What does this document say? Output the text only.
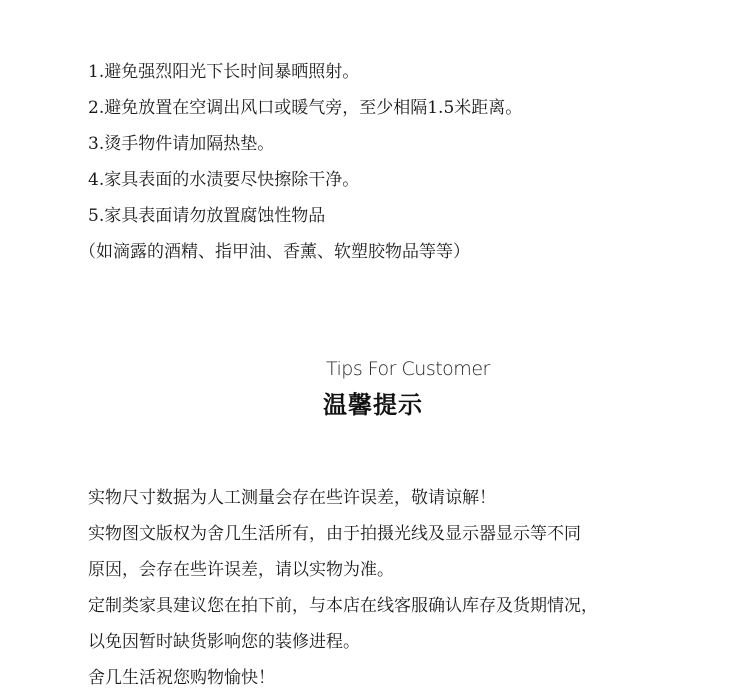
1.避免强烈阳光下长时间暴晒照射。
2.避免放置在空调出风口或暖气旁，至少相隔1.5米距离。
3.烫手物件请加隔热垫。
4.家具表面的水渍要尽快擦除干净。
5.家具表面请勿放置腐蚀性物品
（如滴露的酒精、指甲油、香薰、软塑胶物品等等）
Tips For Customer
温馨提示
实物尺寸数据为人工测量会存在些许误差，敬请谅解！
实物图文版权为舍几生活所有，由于拍摄光线及显示器显示等不同
原因，会存在些许误差，请以实物为准。
定制类家具建议您在拍下前，与本店在线客服确认库存及货期情况，
以免因暂时缺货影响您的装修进程。
舍几生活祝您购物愉快！
